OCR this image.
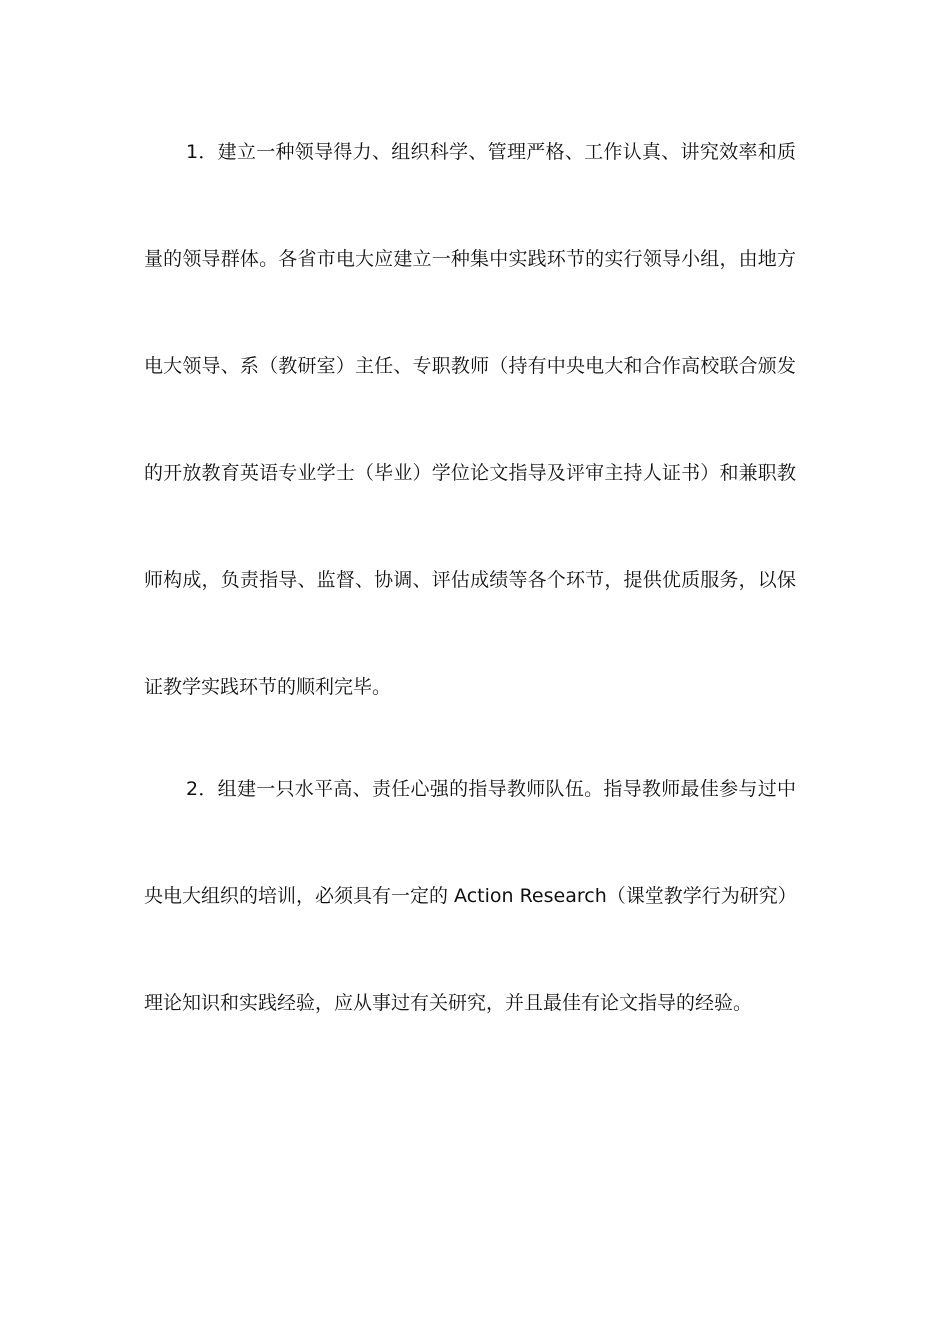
1．建立一种领导得力、组织科学、管理严格、工作认真、讲究效率和质
量的领导群体。各省市电大应建立一种集中实践环节的实行领导小组，由地方
电大领导、系（教研室）主任、专职教师（持有中央电大和合作高校联合颁发
的开放教育英语专业学士（毕业）学位论文指导及评审主持人证书）和兼职教
师构成，负责指导、监督、协调、评估成绩等各个环节，提供优质服务，以保
证教学实践环节的顺利完毕。
2．组建一只水平高、责任心强的指导教师队伍。指导教师最佳参与过中
央电大组织的培训，必须具有一定的 Action Research（课堂教学行为研究）
理论知识和实践经验，应从事过有关研究，并且最佳有论文指导的经验。
